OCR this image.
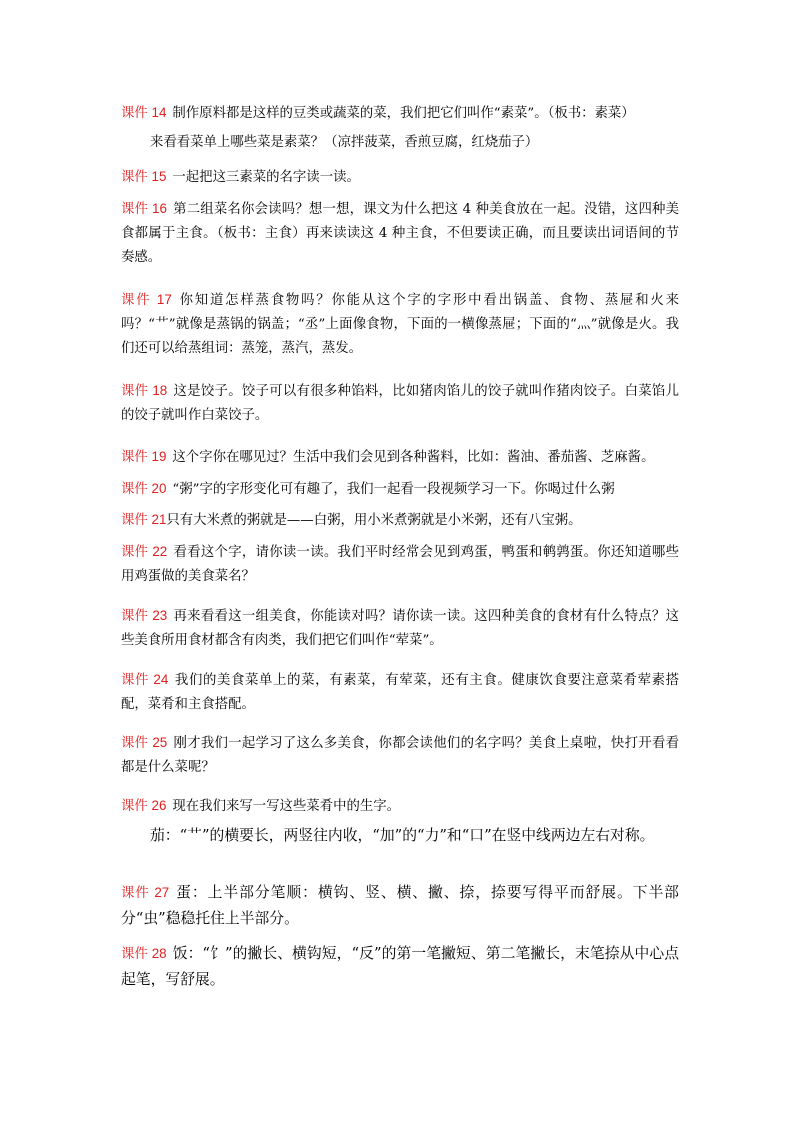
课件 14 制作原料都是这样的豆类或蔬菜的菜，我们把它们叫作“素菜”。（板书：素菜）

来看看菜单上哪些菜是素菜？（凉拌菠菜，香煎豆腐，红烧茄子）

课件 15 一起把这三素菜的名字读一读。

课件 16 第二组菜名你会读吗？想一想，课文为什么把这 4 种美食放在一起。没错，这四种美食都属于主食。（板书：主食）再来读读这 4 种主食，不但要读正确，而且要读出词语间的节奏感。

课件 17 你知道怎样蒸食物吗？你能从这个字的字形中看出锅盖、食物、蒸屉和火来吗？“艹”就像是蒸锅的锅盖；“丞”上面像食物，下面的一横像蒸屉；下面的“灬”就像是火。我们还可以给蒸组词：蒸笼，蒸汽，蒸发。

课件 18 这是饺子。饺子可以有很多种馅料，比如猪肉馅儿的饺子就叫作猪肉饺子。白菜馅儿的饺子就叫作白菜饺子。

课件 19 这个字你在哪见过？生活中我们会见到各种酱料，比如：酱油、番茄酱、芝麻酱。

课件 20 “粥”字的字形变化可有趣了，我们一起看一段视频学习一下。你喝过什么粥

课件 21只有大米煮的粥就是——白粥，用小米煮粥就是小米粥，还有八宝粥。

课件 22 看看这个字，请你读一读。我们平时经常会见到鸡蛋，鸭蛋和鹌鹑蛋。你还知道哪些用鸡蛋做的美食菜名？

课件 23 再来看看这一组美食，你能读对吗？请你读一读。这四种美食的食材有什么特点？这些美食所用食材都含有肉类，我们把它们叫作“荤菜”。

课件 24 我们的美食菜单上的菜，有素菜，有荤菜，还有主食。健康饮食要注意菜肴荤素搭配，菜肴和主食搭配。

课件 25 刚才我们一起学习了这么多美食，你都会读他们的名字吗？美食上桌啦，快打开看看都是什么菜呢？

课件 26 现在我们来写一写这些菜肴中的生字。

茄：“艹”的横要长，两竖往内收，“加”的“力”和“口”在竖中线两边左右对称。

课件 27 蛋：上半部分笔顺：横钩、竖、横、撇、捺，捺要写得平而舒展。下半部分“虫”稳稳托住上半部分。

课件 28 饭：“饣”的撇长、横钩短，“反”的第一笔撇短、第二笔撇长，末笔捺从中心点起笔，写舒展。
